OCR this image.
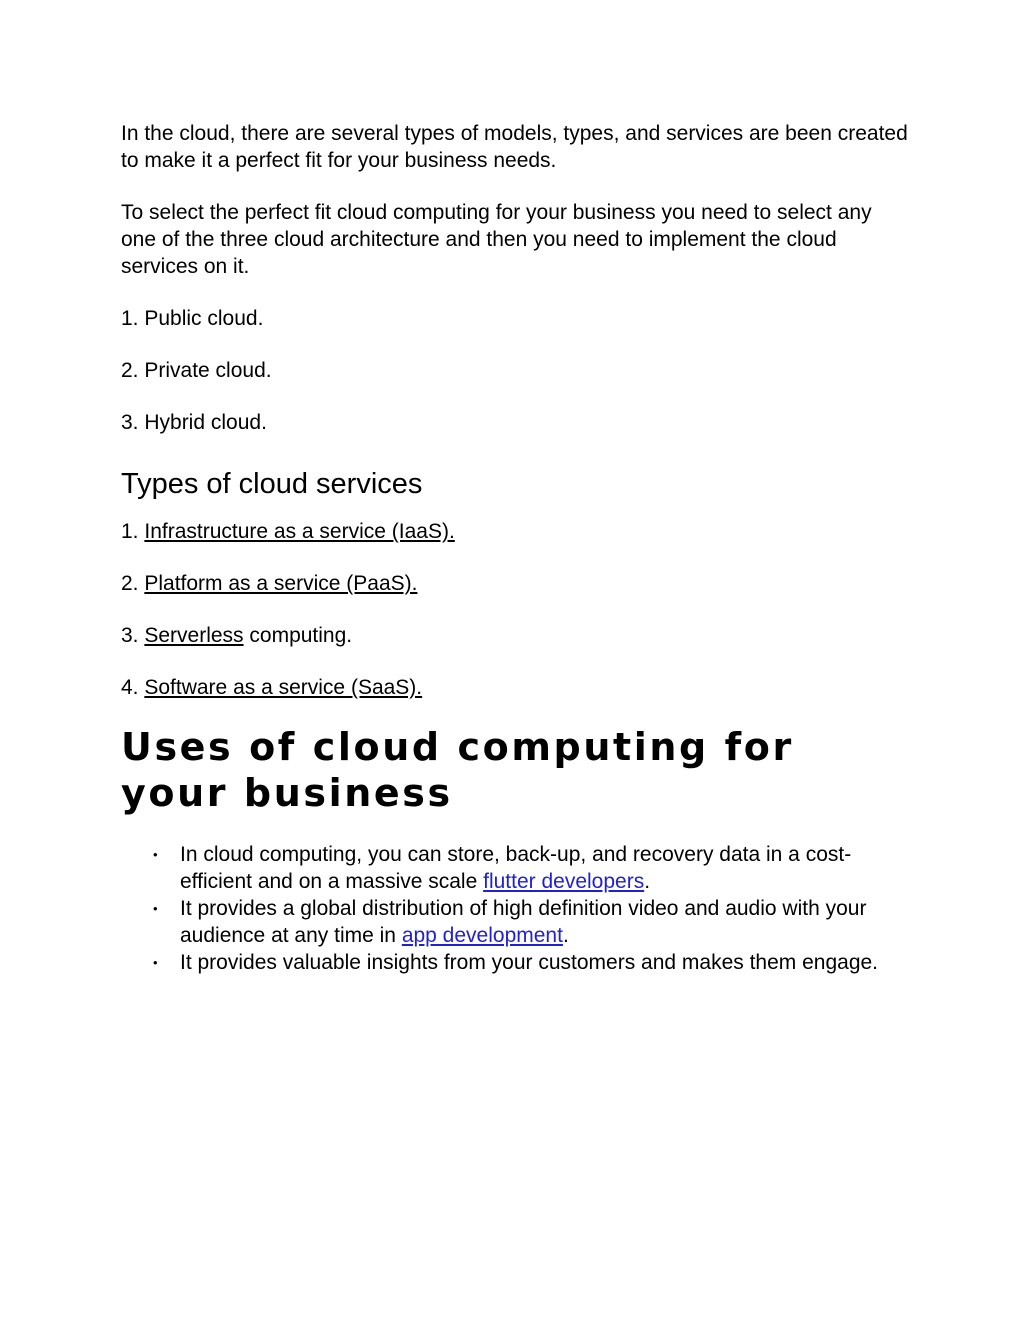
In the cloud, there are several types of models, types, and services are been created to make it a perfect fit for your business needs.

To select the perfect fit cloud computing for your business you need to select any one of the three cloud architecture and then you need to implement the cloud services on it.

1. Public cloud.

2. Private cloud.

3. Hybrid cloud.

Types of cloud services

1. Infrastructure as a service (IaaS).

2. Platform as a service (PaaS).

3. Serverless computing.

4. Software as a service (SaaS).

Uses of cloud computing for your business
• In cloud computing, you can store, back-up, and recovery data in a cost-efficient and on a massive scale flutter developers.
• It provides a global distribution of high definition video and audio with your audience at any time in app development.
• It provides valuable insights from your customers and makes them engage.
